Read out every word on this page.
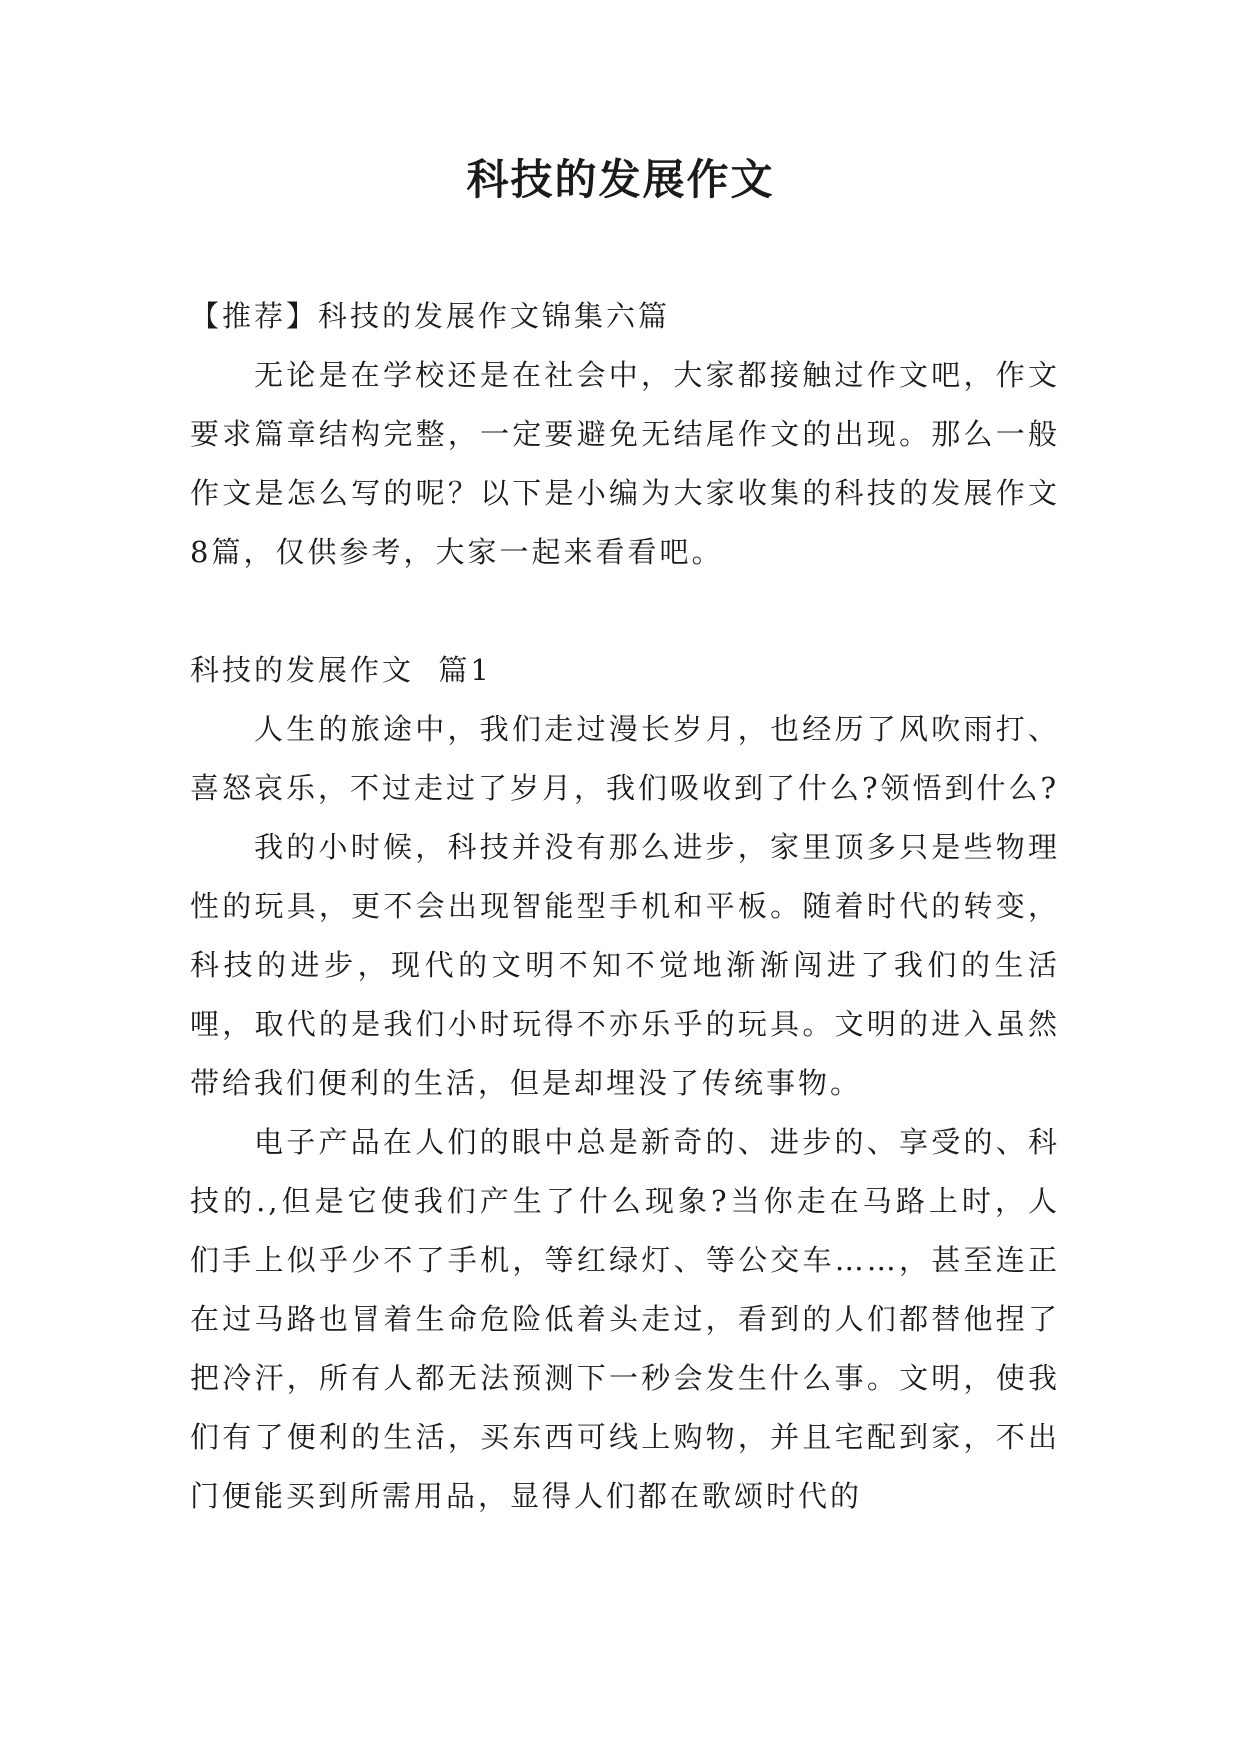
科技的发展作文

【推荐】科技的发展作文锦集六篇

无论是在学校还是在社会中，大家都接触过作文吧，作文要求篇章结构完整，一定要避免无结尾作文的出现。那么一般作文是怎么写的呢？以下是小编为大家收集的科技的发展作文8篇，仅供参考，大家一起来看看吧。

科技的发展作文  篇1

人生的旅途中，我们走过漫长岁月，也经历了风吹雨打、喜怒哀乐，不过走过了岁月，我们吸收到了什么?领悟到什么?

我的小时候，科技并没有那么进步，家里顶多只是些物理性的玩具，更不会出现智能型手机和平板。随着时代的转变，科技的进步，现代的文明不知不觉地渐渐闯进了我们的生活哩，取代的是我们小时玩得不亦乐乎的玩具。文明的进入虽然带给我们便利的生活，但是却埋没了传统事物。

电子产品在人们的眼中总是新奇的、进步的、享受的、科技的.,但是它使我们产生了什么现象?当你走在马路上时，人们手上似乎少不了手机，等红绿灯、等公交车……，甚至连正在过马路也冒着生命危险低着头走过，看到的人们都替他捏了把冷汗，所有人都无法预测下一秒会发生什么事。文明，使我们有了便利的生活，买东西可线上购物，并且宅配到家，不出门便能买到所需用品，显得人们都在歌颂时代的
